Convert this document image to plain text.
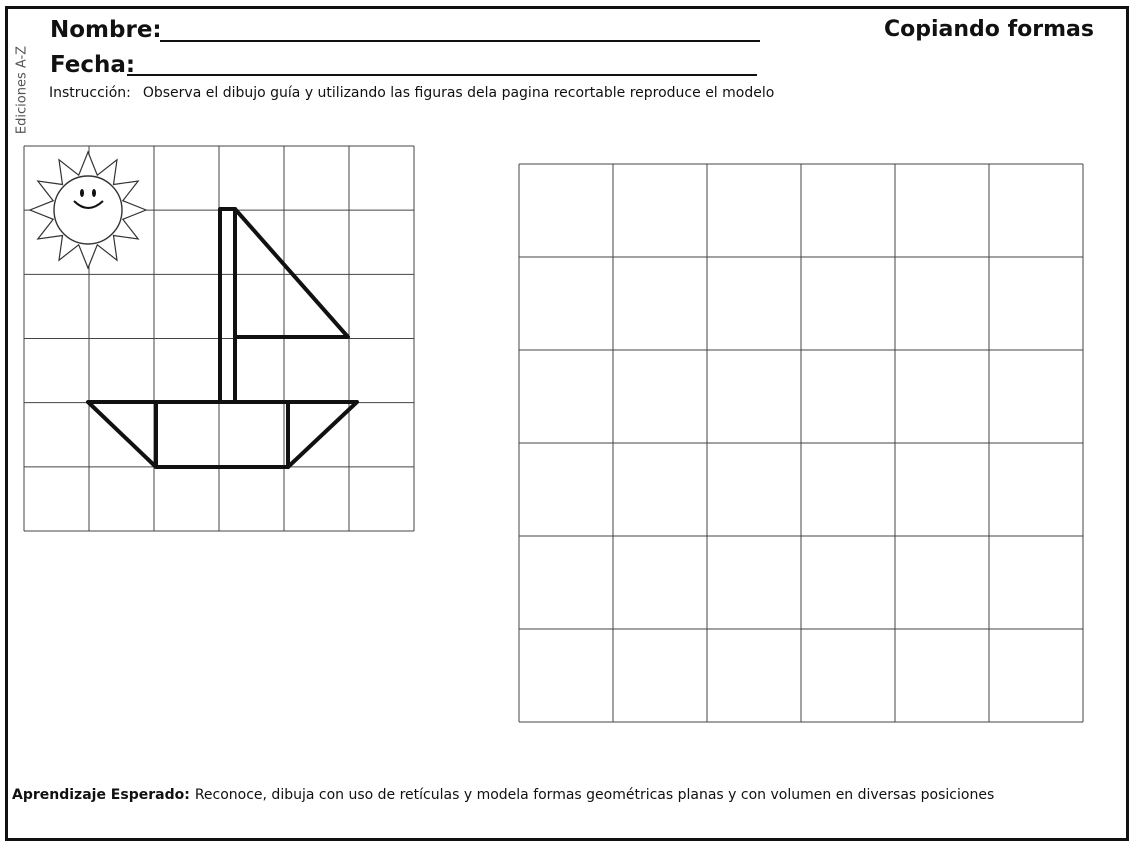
Ediciones A-Z
Nombre:
Fecha:
Copiando formas
Instrucción: Observa el dibujo guía y utilizando las figuras dela pagina recortable reproduce el modelo
Aprendizaje Esperado: Reconoce, dibuja con uso de retículas y modela formas geométricas planas y con volumen en diversas posiciones
